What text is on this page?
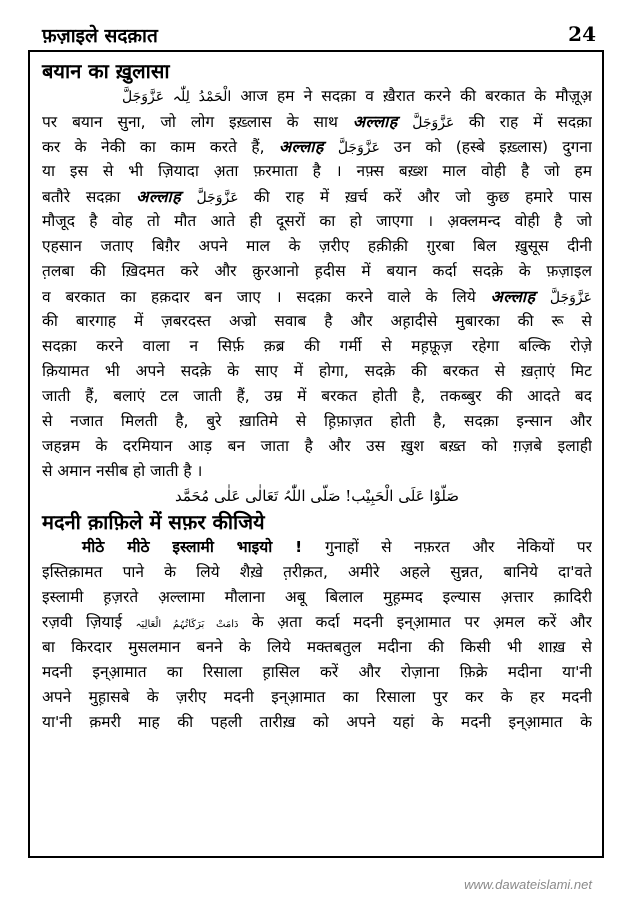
फ़ज़ाइले सदक़ात	24
बयान का ख़ुलासा
الْحَمْدُ لِلّٰہ عَزَّوَجَلَّ आज हम ने सदक़ा व ख़ैरात करने की बरकात के मौज़ूअ़
पर बयान सुना, जो लोग इख़्लास के साथ अल्लाह عَزَّوَجَلَّ की राह में सदक़ा
कर के नेकी का काम करते हैं, अल्लाह عَزَّوَجَلَّ उन को (हस्बे इख़्लास) दुगना
या इस से भी ज़ियादा अ़ता फ़रमाता है । नफ़्स बख़्श माल वोही है जो हम
बतौरे सदक़ा अल्लाह عَزَّوَجَلَّ की राह में ख़र्च करें और जो कुछ हमारे पास
मौजूद है वोह तो मौत आते ही दूसरों का हो जाएगा । अ़क्लमन्द वोही है जो
एहसान जताए बिग़ैर अपने माल के ज़रीए हक़ीक़ी ग़ुरबा बिल ख़ुसूस दीनी
त़लबा की ख़िदमत करे और क़ुरआनो ह़दीस में बयान कर्दा सदक़े के फ़ज़ाइल
व बरकात का हक़दार बन जाए । सदक़ा करने वाले के लिये अल्लाह عَزَّوَجَلَّ
की बारगाह में ज़बरदस्त अज्रो सवाब है और अह़ादीसे मुबारका की रू से
सदक़ा करने वाला न सिर्फ़ क़ब्र की गर्मी से मह़फ़ूज़ रहेगा बल्कि रोज़े
क़ियामत भी अपने सदक़े के साए में होगा, सदक़े की बरकत से ख़त़ाएं मिट
जाती हैं, बलाएं टल जाती हैं, उम्र में बरकत होती है, तकब्बुर की आदते बद
से नजात मिलती है, बुरे ख़ातिमे से ह़िफ़ाज़त होती है, सदक़ा इन्सान और
जहन्नम के दरमियान आड़ बन जाता है और उस ख़ुश बख़्त को ग़ज़बे इलाही
से अमान नसीब हो जाती है ।
صَلُّوْا عَلَی الْحَبِیْب! صَلَّی اللّٰہُ تَعَالٰی عَلٰی مُحَمَّد
मदनी क़ाफ़िले में सफ़र कीजिये
मीठे मीठे इस्लामी भाइयो ! गुनाहों से नफ़रत और नेकियों पर
इस्तिक़ामत पाने के लिये शैख़े त़रीक़त, अमीरे अहले सुन्नत, बानिये दा'वते
इस्लामी ह़ज़रते अ़ल्लामा मौलाना अबू बिलाल मुह़म्मद इल्यास अ़त्तार क़ादिरी
रज़वी ज़ियाई دَامَتْ بَرَکَاتُہُمُ الْعَالِیَہ के अ़ता कर्दा मदनी इन्आ़मात पर अ़मल करें और
बा किरदार मुसलमान बनने के लिये मक्तबतुल मदीना की किसी भी शाख़ से
मदनी इन्आ़मात का रिसाला ह़ासिल करें और रोज़ाना फ़िक्रे मदीना या'नी
अपने मुह़ासबे के ज़रीए मदनी इन्आ़मात का रिसाला पुर कर के हर मदनी
या'नी क़मरी माह की पहली तारीख़ को अपने यहां के मदनी इन्आ़मात के
www.dawateislami.net
